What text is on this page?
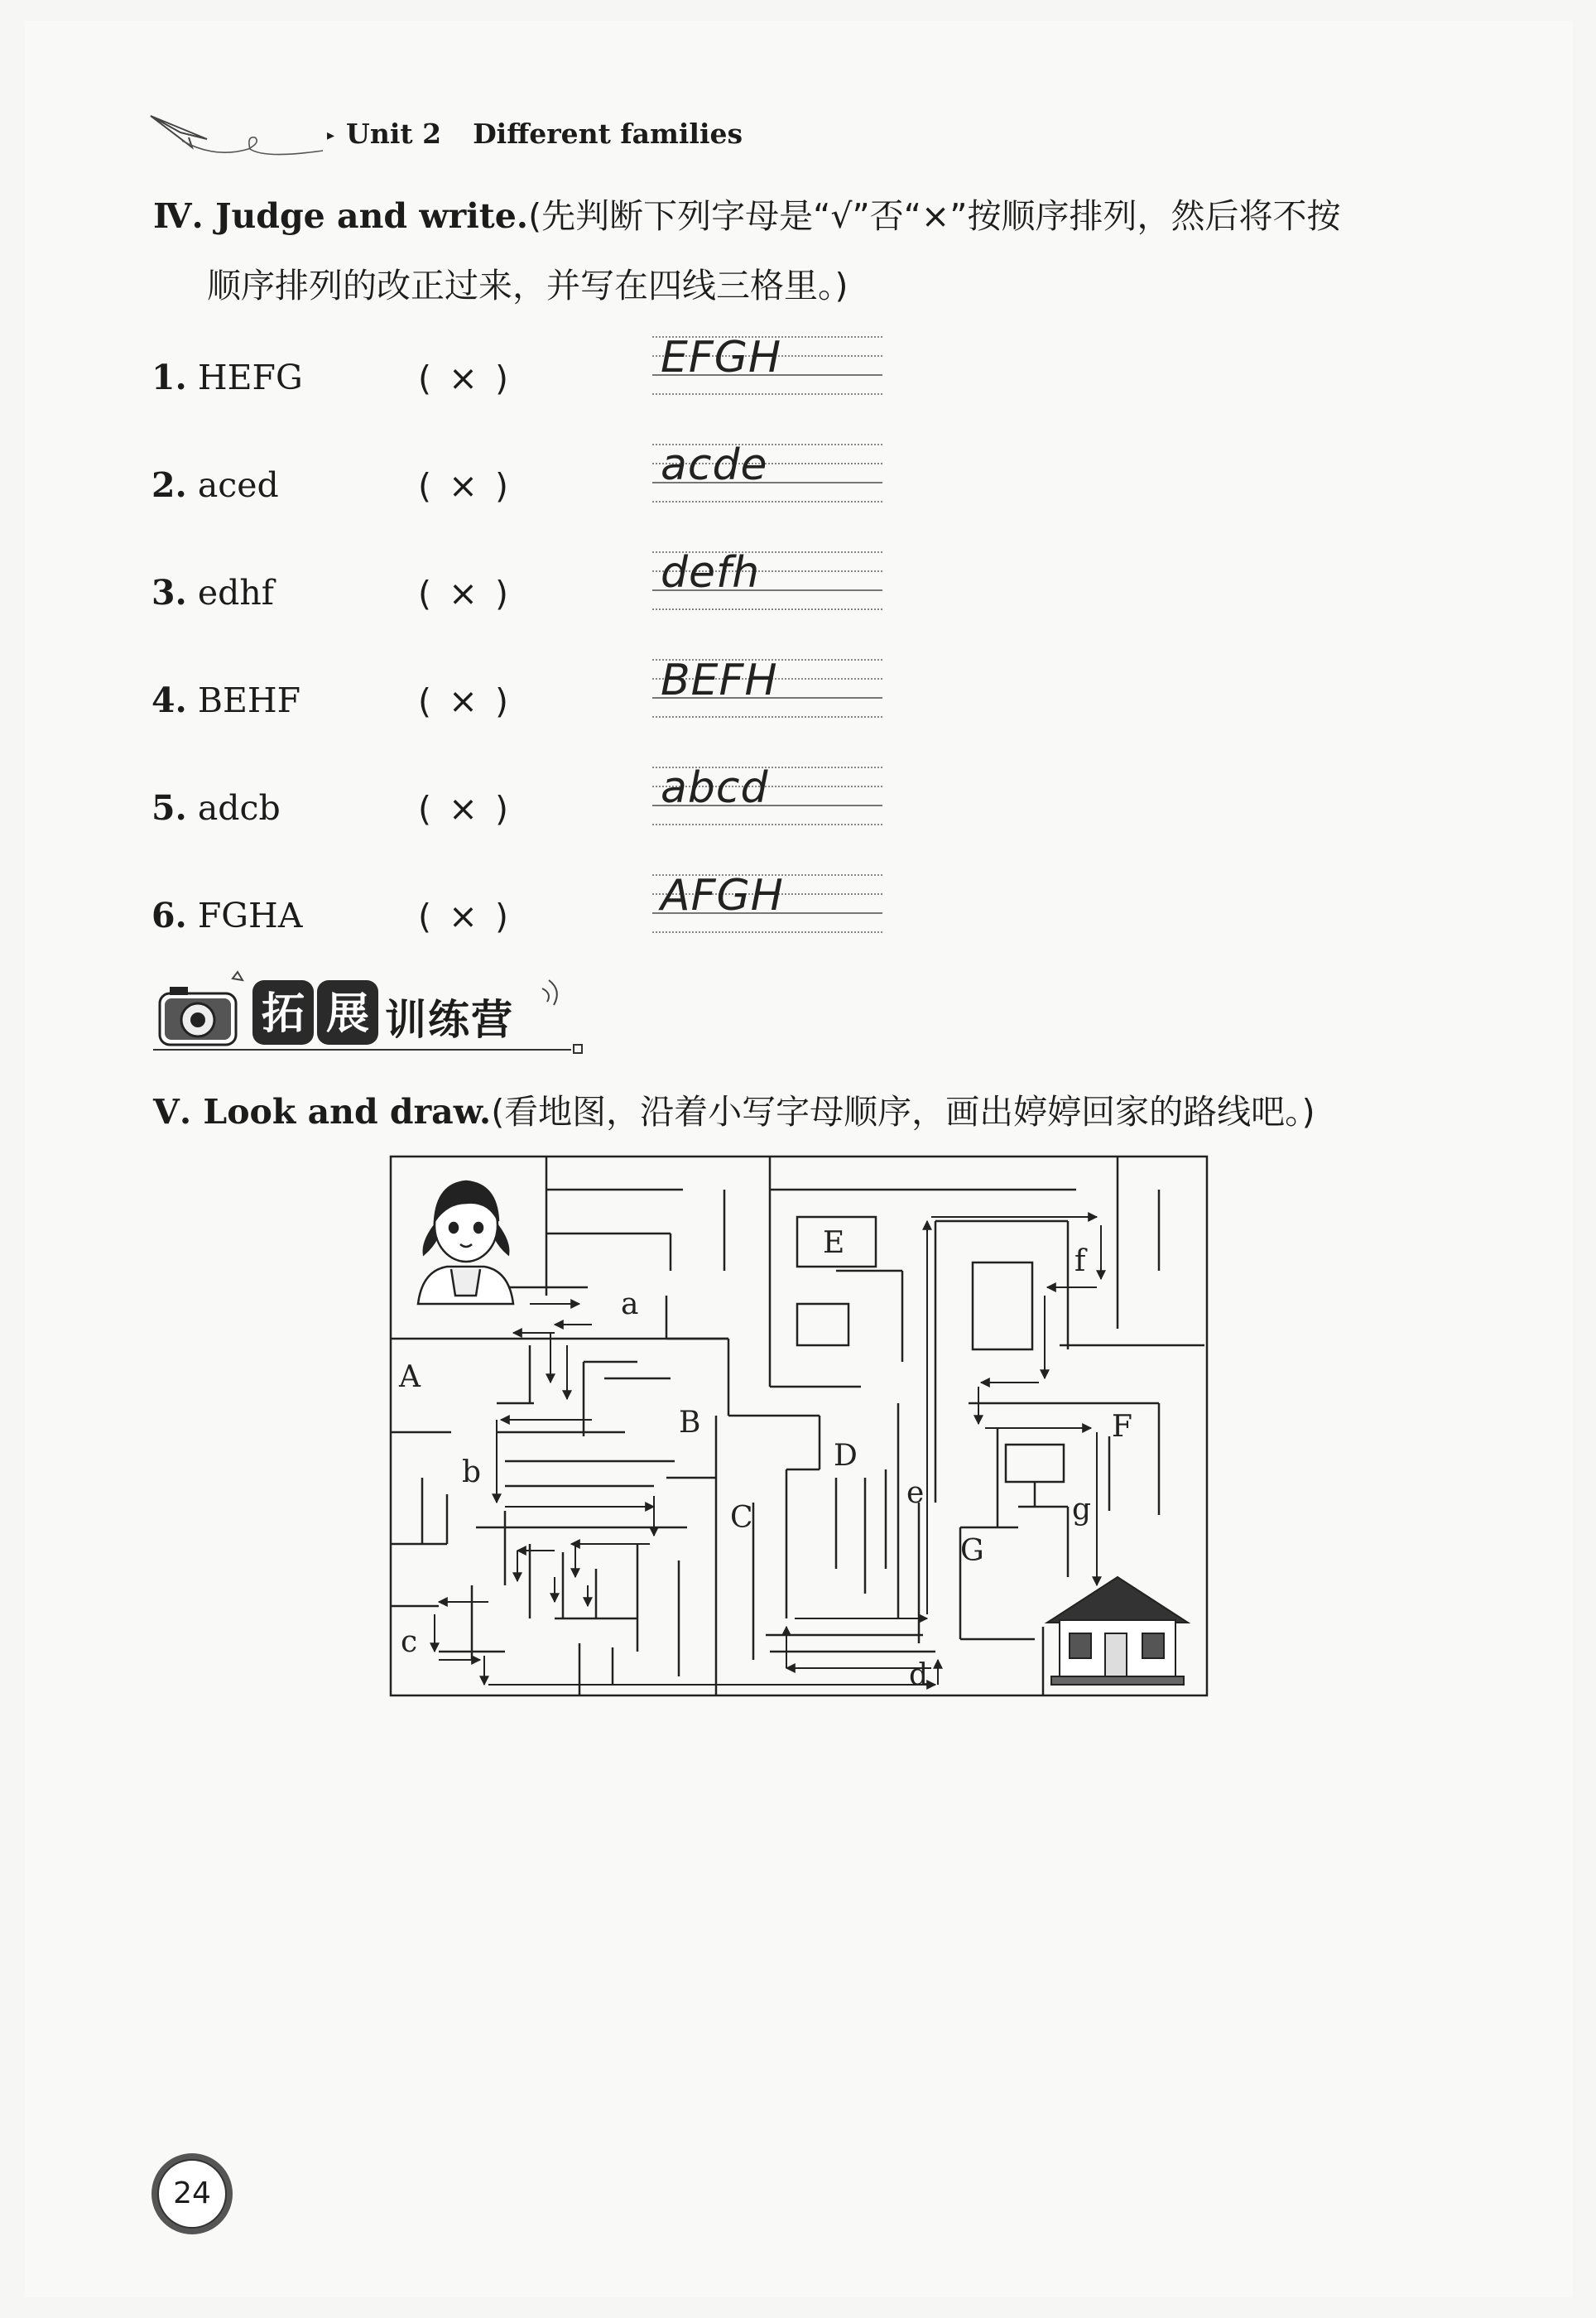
▸ Unit 2 Different families
Ⅳ. Judge and write.(先判断下列字母是“√”否“×”按顺序排列，然后将不按
顺序排列的改正过来，并写在四线三格里。)
1. HEFG	( × )	EFGH
2. aced	( × )	acde
3. edhf	( × )	defh
4. BEHF	( × )	BEFH
5. adcb	( × )	abcd
6. FGHA	( × )	AFGH
拓 展 训练营
Ⅴ. Look and draw.(看地图，沿着小写字母顺序，画出婷婷回家的路线吧。)
A
B
C
D
E
F
G
a
b
c
d
e
f
g
24
